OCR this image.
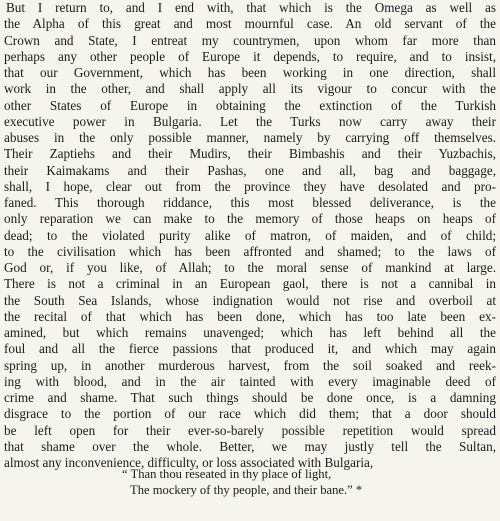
But I return to, and I end with, that which is the Omega as well as
the Alpha of this great and most mournful case. An old servant of the
Crown and State, I entreat my countrymen, upon whom far more than
perhaps any other people of Europe it depends, to require, and to insist,
that our Government, which has been working in one direction, shall
work in the other, and shall apply all its vigour to concur with the
other States of Europe in obtaining the extinction of the Turkish
executive power in Bulgaria. Let the Turks now carry away their
abuses in the only possible manner, namely by carrying off themselves.
Their Zaptiehs and their Mudirs, their Bimbashis and their Yuzbachis,
their Kaimakams and their Pashas, one and all, bag and baggage,
shall, I hope, clear out from the province they have desolated and pro-
faned. This thorough riddance, this most blessed deliverance, is the
only reparation we can make to the memory of those heaps on heaps of
dead; to the violated purity alike of matron, of maiden, and of child;
to the civilisation which has been affronted and shamed; to the laws of
God or, if you like, of Allah; to the moral sense of mankind at large.
There is not a criminal in an European gaol, there is not a cannibal in
the South Sea Islands, whose indignation would not rise and overboil at
the recital of that which has been done, which has too late been ex-
amined, but which remains unavenged; which has left behind all the
foul and all the fierce passions that produced it, and which may again
spring up, in another murderous harvest, from the soil soaked and reek-
ing with blood, and in the air tainted with every imaginable deed of
crime and shame. That such things should be done once, is a damning
disgrace to the portion of our race which did them; that a door should
be left open for their ever-so-barely possible repetition would spread
that shame over the whole. Better, we may justly tell the Sultan,
almost any inconvenience, difficulty, or loss associated with Bulgaria,
“ Than thou reseated in thy place of light,
The mockery of thy people, and their bane.” *
